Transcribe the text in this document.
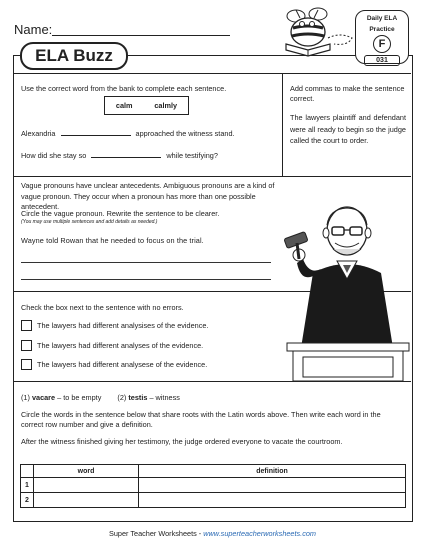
Name:
Daily ELA
Practice
F
031
ELA Buzz
Use the correct word from the bank to complete each sentence.
calm	calmly
Alexandria	approached the witness stand.
How did she stay so	while testifying?
Add commas to make the sentence correct.
The lawyers plaintiff and defendant were all ready to begin so the judge called the court to order.
Vague pronouns have unclear antecedents. Ambiguous pronouns are a kind of vague pronoun. They occur when a pronoun has more than one possible antecedent.
Circle the vague pronoun. Rewrite the sentence to be clearer.
(You may use multiple sentences and add details as needed.)
Wayne told Rowan that he needed to focus on the trial.
Check the box next to the sentence with no errors.
The lawyers had different analysises of the evidence.
The lawyers had different analyses of the evidence.
The lawyers had different analysese of the evidence.
(1) vacare – to be empty (2) testis – witness
Circle the words in the sentence below that share roots with the Latin words above. Then write each word in the correct row number and give a definition.
After the witness finished giving her testimony, the judge ordered everyone to vacate the courtroom.
	word	definition
1		
2		
Super Teacher Worksheets - www.superteacherworksheets.com
